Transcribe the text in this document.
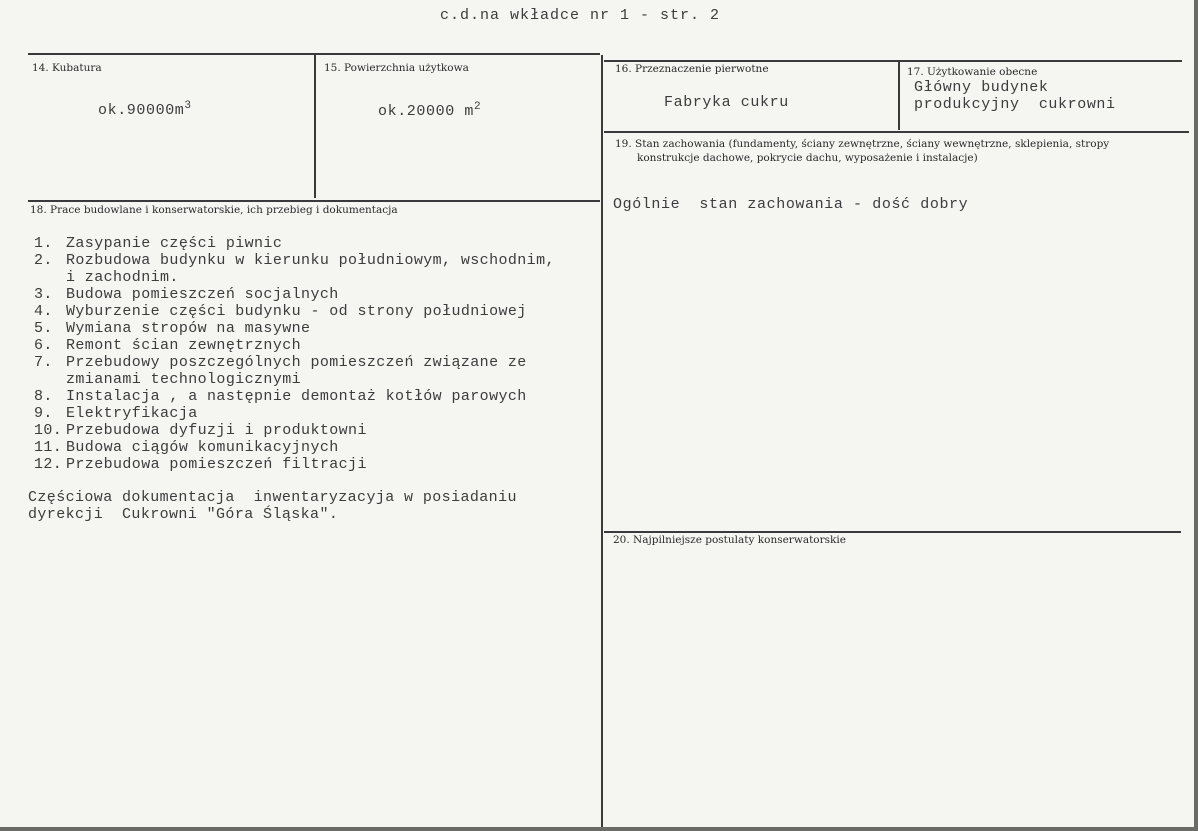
c.d.na wkładce nr 1 - str. 2
14. Kubatura
$ok.90000m^3$
15. Powierzchnia użytkowa
ok.20000 $m^2$
16. Przeznaczenie pierwotne
Fabryka cukru
17. Użytkowanie obecne
Główny budynek
produkcyjny  cukrowni
18. Prace budowlane i konserwatorskie, ich przebieg i dokumentacja
1. Zasypanie części piwnic
2. Rozbudowa budynku w kierunku południowym, wschodnim,
i zachodnim.
3. Budowa pomieszczeń socjalnych
4. Wyburzenie części budynku - od strony południowej
5. Wymiana stropów na masywne
6. Remont ścian zewnętrznych
7. Przebudowy poszczególnych pomieszczeń związane ze
zmianami technologicznymi
8. Instalacja , a następnie demontaż kotłów parowych
9. Elektryfikacja
10. Przebudowa dyfuzji i produktowni
11. Budowa ciągów komunikacyjnych
12. Przebudowa pomieszczeń filtracji
Częściowa dokumentacja  inwentaryzacyja w posiadaniu
dyrekcji  Cukrowni "Góra Śląska".
19. Stan zachowania (fundamenty, ściany zewnętrzne, ściany wewnętrzne, sklepienia, stropy
konstrukcje dachowe, pokrycie dachu, wyposażenie i instalacje)
Ogólnie  stan zachowania - dość dobry
20. Najpilniejsze postulaty konserwatorskie
